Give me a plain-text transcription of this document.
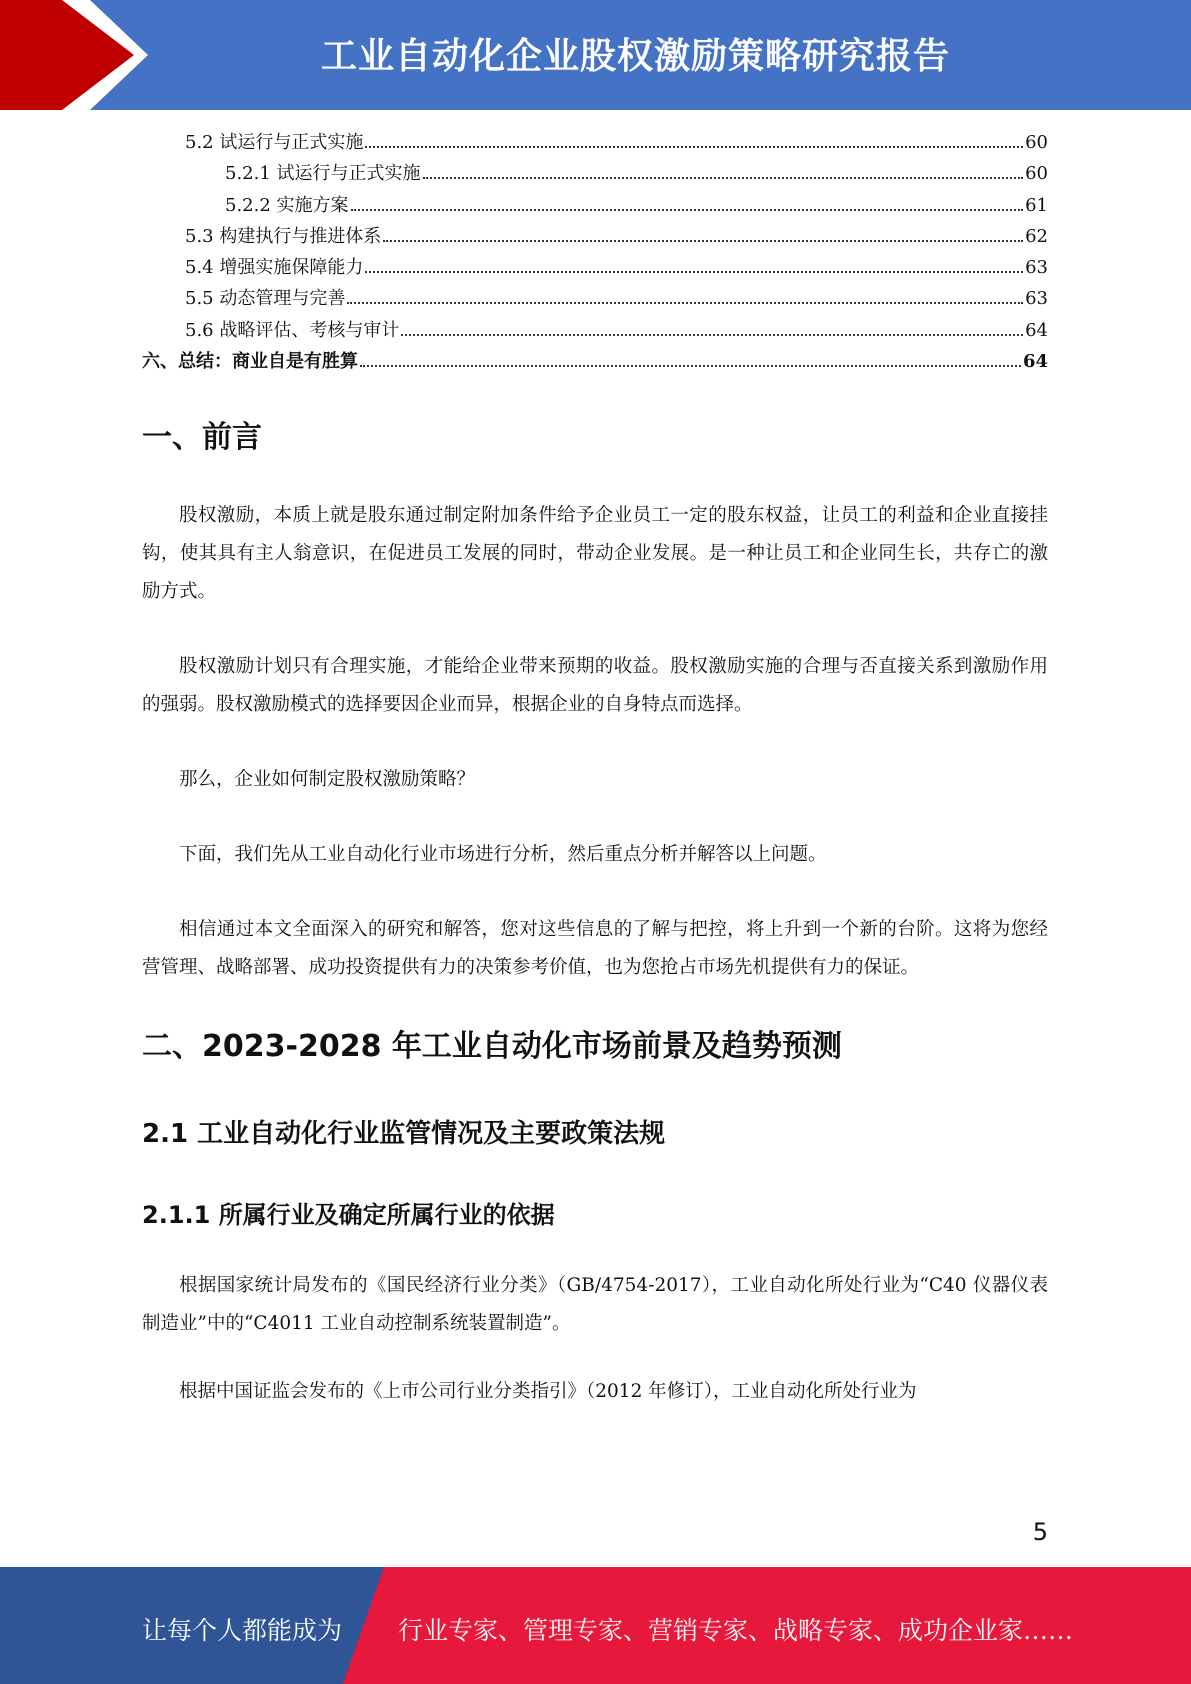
工业自动化企业股权激励策略研究报告
5.2 试运行与正式实施	60
5.2.1 试运行与正式实施	60
5.2.2 实施方案	61
5.3 构建执行与推进体系	62
5.4 增强实施保障能力	63
5.5 动态管理与完善	63
5.6 战略评估、考核与审计	64
六、总结：商业自是有胜算	64
一、前言

股权激励，本质上就是股东通过制定附加条件给予企业员工一定的股东权益，让员工的利益和企业直接挂钩，使其具有主人翁意识，在促进员工发展的同时，带动企业发展。是一种让员工和企业同生长，共存亡的激励方式。

股权激励计划只有合理实施，才能给企业带来预期的收益。股权激励实施的合理与否直接关系到激励作用的强弱。股权激励模式的选择要因企业而异，根据企业的自身特点而选择。

那么，企业如何制定股权激励策略？

下面，我们先从工业自动化行业市场进行分析，然后重点分析并解答以上问题。

相信通过本文全面深入的研究和解答，您对这些信息的了解与把控，将上升到一个新的台阶。这将为您经营管理、战略部署、成功投资提供有力的决策参考价值，也为您抢占市场先机提供有力的保证。

二、2023-2028 年工业自动化市场前景及趋势预测
2.1 工业自动化行业监管情况及主要政策法规
2.1.1 所属行业及确定所属行业的依据

根据国家统计局发布的《国民经济行业分类》（GB/4754-2017），工业自动化所处行业为“C40 仪器仪表制造业”中的“C4011 工业自动控制系统装置制造”。

根据中国证监会发布的《上市公司行业分类指引》（2012 年修订），工业自动化所处行业为

5
让每个人都能成为 行业专家、管理专家、营销专家、战略专家、成功企业家……
